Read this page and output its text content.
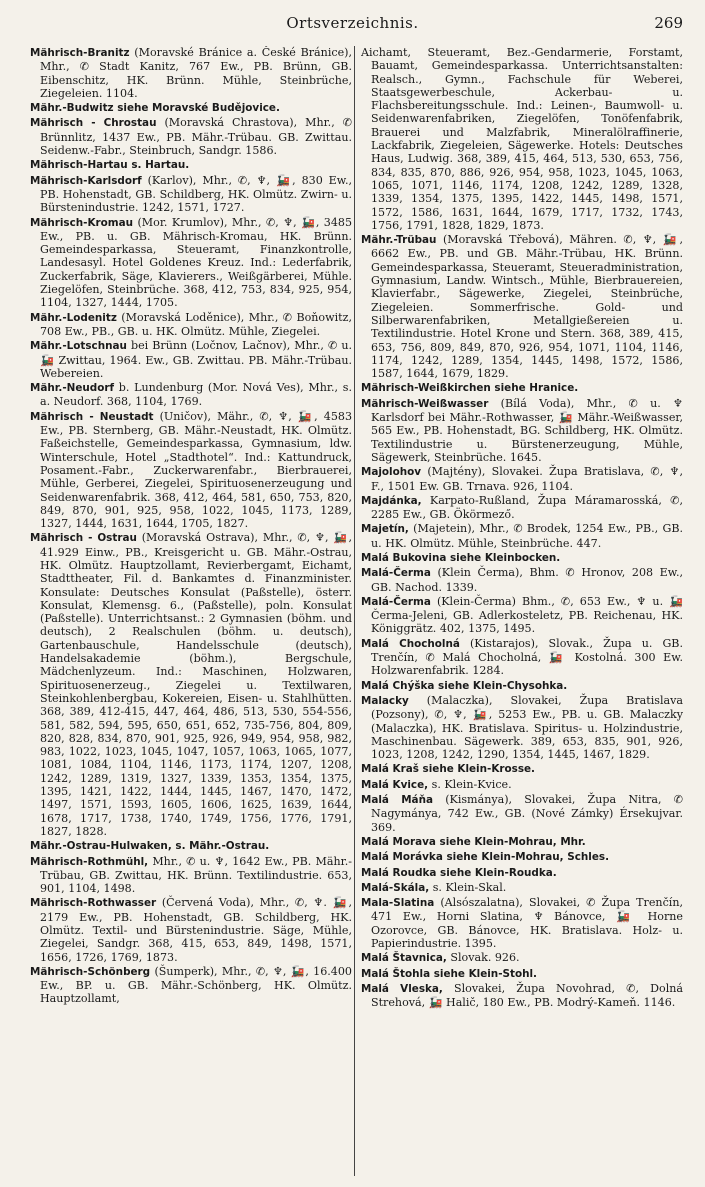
Ortsverzeichnis.	269

Mährisch-Branitz (Moravské Bránice a. České Bránice), Mhr., ✆ Stadt Kanitz, 767 Ew., PB. Brünn, GB. Eibenschitz, HK. Brünn. Mühle, Steinbrüche, Ziegeleien. 1104.

Mähr.-Budwitz siehe Moravské Budějovice.

Mährisch - Chrostau (Moravská Chrastova), Mhr., ✆ Brünnlitz, 1437 Ew., PB. Mähr.-Trübau. GB. Zwittau. Seidenw.-Fabr., Steinbruch, Sandgr. 1586.

Mährisch-Hartau s. Hartau.

Mährisch-Karlsdorf (Karlov), Mhr., ✆, ♆, 🚂, 830 Ew., PB. Hohenstadt, GB. Schildberg, HK. Olmütz. Zwirn- u. Bürstenindustrie. 1242, 1571, 1727.

Mährisch-Kromau (Mor. Krumlov), Mhr., ✆, ♆, 🚂, 3485 Ew., PB. u. GB. Mährisch-Kromau, HK. Brünn. Gemeindesparkassa, Steueramt, Finanzkontrolle, Landesasyl. Hotel Goldenes Kreuz. Ind.: Lederfabrik, Zuckerfabrik, Säge, Klavierers., Weißgärberei, Mühle. Ziegelöfen, Steinbrüche. 368, 412, 753, 834, 925, 954, 1104, 1327, 1444, 1705.

Mähr.-Lodenitz (Moravská Loděnice), Mhr., ✆ Boňowitz, 708 Ew., PB., GB. u. HK. Olmütz. Mühle, Ziegelei.

Mähr.-Lotschnau bei Brünn (Ločnov, Lačnov), Mhr., ✆ u. 🚂 Zwittau, 1964. Ew., GB. Zwittau. PB. Mähr.-Trübau. Webereien.

Mähr.-Neudorf b. Lundenburg (Mor. Nová Ves), Mhr., s. a. Neudorf. 368, 1104, 1769.

Mährisch - Neustadt (Uničov), Mähr., ✆, ♆, 🚂, 4583 Ew., PB. Sternberg, GB. Mähr.-Neustadt, HK. Olmütz. Faßeichstelle, Gemeindesparkassa, Gymnasium, ldw. Winterschule, Hotel „Stadthotel“. Ind.: Kattundruck, Posament.-Fabr., Zuckerwarenfabr., Bierbrauerei, Mühle, Gerberei, Ziegelei, Spirituosenerzeugung und Seidenwarenfabrik. 368, 412, 464, 581, 650, 753, 820, 849, 870, 901, 925, 958, 1022, 1045, 1173, 1289, 1327, 1444, 1631, 1644, 1705, 1827.

Mährisch - Ostrau (Moravská Ostrava), Mhr., ✆, ♆, 🚂, 41.929 Einw., PB., Kreisgericht u. GB. Mähr.-Ostrau, HK. Olmütz. Hauptzollamt, Revierbergamt, Eichamt, Stadttheater, Fil. d. Bankamtes d. Finanzminister. Konsulate: Deutsches Konsulat (Paßstelle), österr. Konsulat, Klemensg. 6., (Paßstelle), poln. Konsulat (Paßstelle). Unterrichtsanst.: 2 Gymnasien (böhm. und deutsch), 2 Realschulen (böhm. u. deutsch), Gartenbauschule, Handelsschule (deutsch), Handelsakademie (böhm.), Bergschule, Mädchenlyzeum. Ind.: Maschinen, Holzwaren, Spirituosenerzeug., Ziegelei u. Textilwaren, Steinkohlenbergbau, Kokereien, Eisen- u. Stahlhütten. 368, 389, 412-415, 447, 464, 486, 513, 530, 554-556, 581, 582, 594, 595, 650, 651, 652, 735-756, 804, 809, 820, 828, 834, 870, 901, 925, 926, 949, 954, 958, 982, 983, 1022, 1023, 1045, 1047, 1057, 1063, 1065, 1077, 1081, 1084, 1104, 1146, 1173, 1174, 1207, 1208, 1242, 1289, 1319, 1327, 1339, 1353, 1354, 1375, 1395, 1421, 1422, 1444, 1445, 1467, 1470, 1472, 1497, 1571, 1593, 1605, 1606, 1625, 1639, 1644, 1678, 1717, 1738, 1740, 1749, 1756, 1776, 1791, 1827, 1828.

Mähr.-Ostrau-Hulwaken, s. Mähr.-Ostrau.

Mährisch-Rothmühl, Mhr., ✆ u. ♆, 1642 Ew., PB. Mähr.-Trübau, GB. Zwittau, HK. Brünn. Textilindustrie. 653, 901, 1104, 1498.

Mährisch-Rothwasser (Červená Voda), Mhr., ✆, ♆. 🚂, 2179 Ew., PB. Hohenstadt, GB. Schildberg, HK. Olmütz. Textil- und Bürstenindustrie. Säge, Mühle, Ziegelei, Sandgr. 368, 415, 653, 849, 1498, 1571, 1656, 1726, 1769, 1873.

Mährisch-Schönberg (Šumperk), Mhr., ✆, ♆, 🚂, 16.400 Ew., BP. u. GB. Mähr.-Schönberg, HK. Olmütz. Hauptzollamt,

Aichamt, Steueramt, Bez.-Gendarmerie, Forstamt, Bauamt, Gemeindesparkassa. Unterrichtsanstalten: Realsch., Gymn., Fachschule für Weberei, Staatsgewerbeschule, Ackerbau- u. Flachsbereitungsschule. Ind.: Leinen-, Baumwoll- u. Seidenwarenfabriken, Ziegelöfen, Tonöfenfabrik, Brauerei und Malzfabrik, Mineralölraffinerie, Lackfabrik, Ziegeleien, Sägewerke. Hotels: Deutsches Haus, Ludwig. 368, 389, 415, 464, 513, 530, 653, 756, 834, 835, 870, 886, 926, 954, 958, 1023, 1045, 1063, 1065, 1071, 1146, 1174, 1208, 1242, 1289, 1328, 1339, 1354, 1375, 1395, 1422, 1445, 1498, 1571, 1572, 1586, 1631, 1644, 1679, 1717, 1732, 1743, 1756, 1791, 1828, 1829, 1873.

Mähr.-Trübau (Moravská Třebová), Mähren. ✆, ♆, 🚂, 6662 Ew., PB. und GB. Mähr.-Trübau, HK. Brünn. Gemeindesparkassa, Steueramt, Steueradministration, Gymnasium, Landw. Wintsch., Mühle, Bierbrauereien, Klavierfabr., Sägewerke, Ziegelei, Steinbrüche, Ziegeleien. Sommerfrische. Gold- und Silberwarenfabriken, Metallgießereien u. Textilindustrie. Hotel Krone und Stern. 368, 389, 415, 653, 756, 809, 849, 870, 926, 954, 1071, 1104, 1146, 1174, 1242, 1289, 1354, 1445, 1498, 1572, 1586, 1587, 1644, 1679, 1829.

Mährisch-Weißkirchen siehe Hranice.

Mährisch-Weißwasser (Bílá Voda), Mhr., ✆ u. ♆ Karlsdorf bei Mähr.-Rothwasser, 🚂 Mähr.-Weißwasser, 565 Ew., PB. Hohenstadt, BG. Schildberg, HK. Olmütz. Textilindustrie u. Bürstenerzeugung, Mühle, Sägewerk, Steinbrüche. 1645.

Majolohov (Majtény), Slovakei. Župa Bratislava, ✆, ♆, F., 1501 Ew. GB. Trnava. 926, 1104.

Majdánka, Karpato-Rußland, Župa Máramarosská, ✆, 2285 Ew., GB. Ökörmező.

Majetín, (Majetein), Mhr., ✆ Brodek, 1254 Ew., PB., GB. u. HK. Olmütz. Mühle, Steinbrüche. 447.

Malá Bukovina siehe Kleinbocken.

Malá-Čerma (Klein Čerma), Bhm. ✆ Hronov, 208 Ew., GB. Nachod. 1339.

Malá-Čerma (Klein-Čerma) Bhm., ✆, 653 Ew., ♆ u. 🚂 Čerma-Jeleni, GB. Adlerkosteletz, PB. Reichenau, HK. Königgrätz. 402, 1375, 1495.

Malá Chocholná (Kistarajos), Slovak., Župa u. GB. Trenčín, ✆ Malá Chocholná, 🚂 Kostolná. 300 Ew. Holzwarenfabrik. 1284.

Malá Chýška siehe Klein-Chysohka.

Malacky (Malaczka), Slovakei, Župa Bratislava (Pozsony), ✆, ♆, 🚂, 5253 Ew., PB. u. GB. Malaczky (Malaczka), HK. Bratislava. Spiritus- u. Holzindustrie, Maschinenbau. Sägewerk. 389, 653, 835, 901, 926, 1023, 1208, 1242, 1290, 1354, 1445, 1467, 1829.

Malá Kraš siehe Klein-Krosse.

Malá Kvice, s. Klein-Kvice.

Malá Máňa (Kismánya), Slovakei, Župa Nitra, ✆ Nagymánya, 742 Ew., GB. (Nové Zámky) Érsekujvar. 369.

Malá Morava siehe Klein-Mohrau, Mhr.

Malá Morávka siehe Klein-Mohrau, Schles.

Malá Roudka siehe Klein-Roudka.

Malá-Skála, s. Klein-Skal.

Mala-Slatina (Alsószalatna), Slovakei, ✆ Župa Trenčín, 471 Ew., Horni Slatina, ♆ Bánovce, 🚂 Horne Ozorovce, GB. Bánovce, HK. Bratislava. Holz- u. Papierindustrie. 1395.

Malá Štavnica, Slovak. 926.

Malá Štohla siehe Klein-Stohl.

Malá Vleska, Slovakei, Župa Novohrad, ✆, Dolná Strehová, 🚂 Halič, 180 Ew., PB. Modrý-Kameň. 1146.
